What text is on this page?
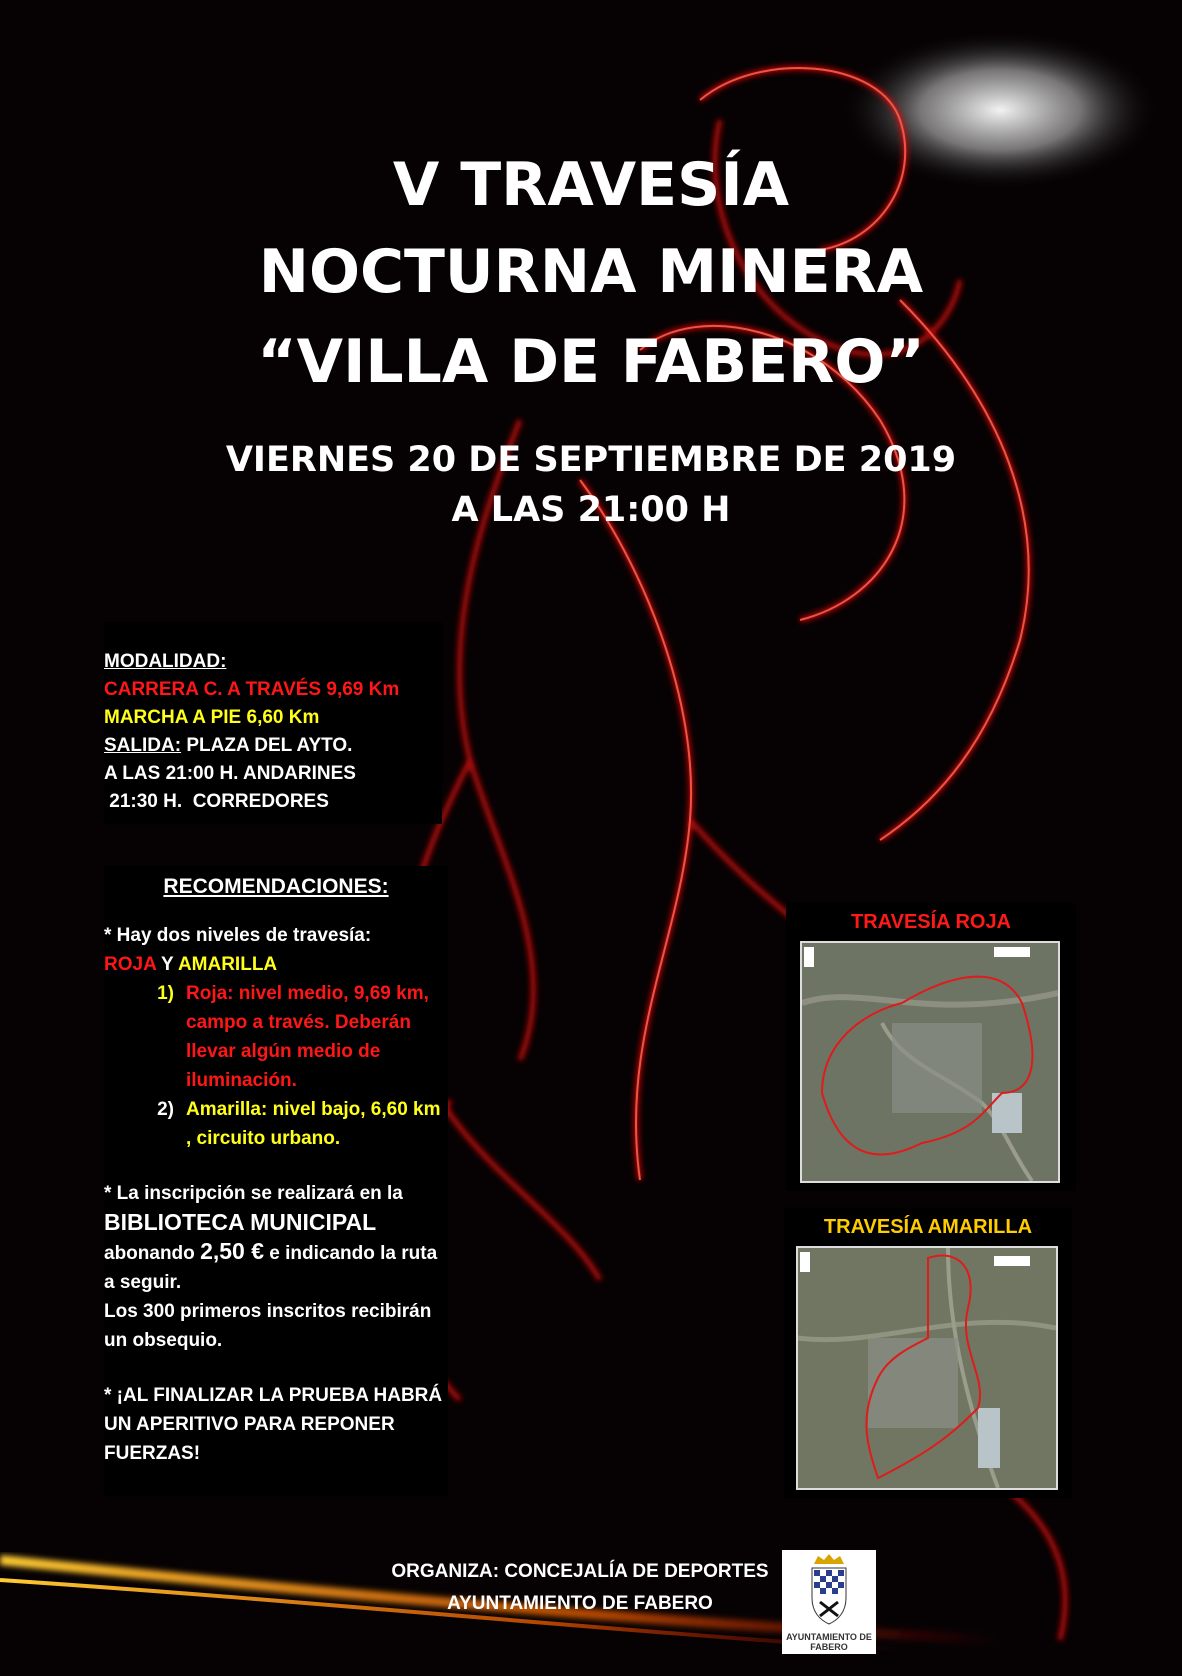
V TRAVESÍA
NOCTURNA MINERA
“VILLA DE FABERO”
VIERNES 20 DE SEPTIEMBRE DE 2019
A LAS 21:00 H
MODALIDAD:
CARRERA C. A TRAVÉS 9,69 Km
MARCHA A PIE 6,60 Km
SALIDA: PLAZA DEL AYTO.
A LAS 21:00 H. ANDARINES
21:30 H.  CORREDORES

RECOMENDACIONES:

* Hay dos niveles de travesía:

ROJA Y AMARILLA

1) Roja: nivel medio, 9,69 km, campo a través. Deberán llevar algún medio de iluminación.
2) Amarilla: nivel bajo, 6,60 km , circuito urbano.

* La inscripción se realizará en la

BIBLIOTECA MUNICIPAL

abonando 2,50 € e indicando la ruta a seguir.

Los 300 primeros inscritos recibirán un obsequio.

* ¡AL FINALIZAR LA PRUEBA HABRÁ UN APERITIVO PARA REPONER FUERZAS!

TRAVESÍA ROJA
TRAVESÍA AMARILLA
ORGANIZA: CONCEJALÍA DE DEPORTES
AYUNTAMIENTO DE FABERO
AYUNTAMIENTO DE FABERO
